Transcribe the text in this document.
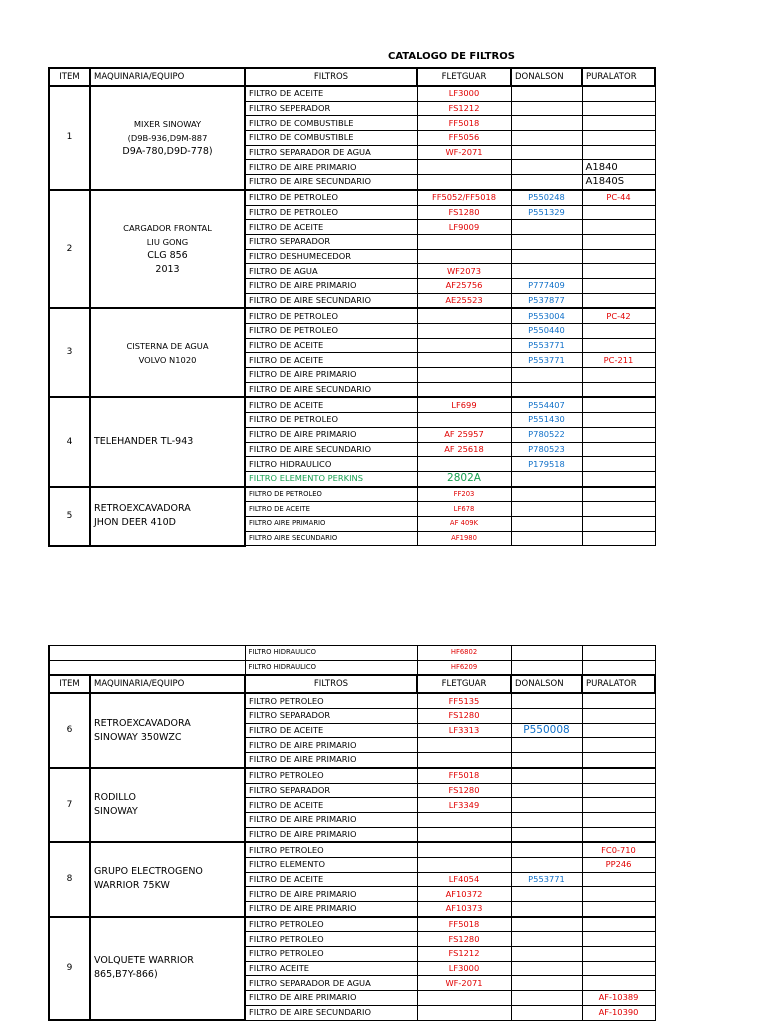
CATALOGO DE FILTROS
ITEM	MAQUINARIA/EQUIPO	FILTROS	FLETGUAR	DONALSON	PURALATOR
1	MIXER SINOWAY
(D9B-936,D9M-887
D9A-780,D9D-778)	FILTRO DE ACEITE	LF3000		
		FILTRO SEPERADOR	FS1212		
		FILTRO DE COMBUSTIBLE	FF5018		
		FILTRO DE COMBUSTIBLE	FF5056		
		FILTRO SEPARADOR DE AGUA	WF-2071		
		FILTRO DE AIRE PRIMARIO			A1840
		FILTRO DE AIRE SECUNDARIO			A1840S
2	CARGADOR FRONTAL
LIU GONG
CLG 856
2013	FILTRO DE PETROLEO	FF5052/FF5018	P550248	PC-44
		FILTRO DE PETROLEO	FS1280	P551329	
		FILTRO DE ACEITE	LF9009		
		FILTRO SEPARADOR			
		FILTRO DESHUMECEDOR			
		FILTRO DE AGUA	WF2073		
		FILTRO DE AIRE PRIMARIO	AF25756	P777409	
		FILTRO DE AIRE SECUNDARIO	AE25523	P537877	
3	CISTERNA DE AGUA
VOLVO N1020	FILTRO DE PETROLEO		P553004	PC-42
		FILTRO DE PETROLEO		P550440	
		FILTRO DE ACEITE		P553771	
		FILTRO DE ACEITE		P553771	PC-211
		FILTRO DE AIRE PRIMARIO			
		FILTRO DE AIRE SECUNDARIO			
4	TELEHANDER TL-943	FILTRO DE ACEITE	LF699	P554407	
		FILTRO DE PETROLEO		P551430	
		FILTRO DE AIRE PRIMARIO	AF 25957	P780522	
		FILTRO DE AIRE SECUNDARIO	AF 25618	P780523	
		FILTRO HIDRAULICO		P179518	
		FILTRO ELEMENTO PERKINS	2802A		
5	RETROEXCAVADORA
JHON DEER 410D	FILTRO DE PETROLEO	FF203		
		FILTRO DE ACEITE	LF678		
		FILTRO AIRE PRIMARIO	AF 409K		
		FILTRO AIRE SECUNDARIO	AF1980		
		FILTRO HIDRAULICO	HF6802		
		FILTRO HIDRAULICO	HF6209		
ITEM	MAQUINARIA/EQUIPO	FILTROS	FLETGUAR	DONALSON	PURALATOR
6	RETROEXCAVADORA
SINOWAY 350WZC	FILTRO PETROLEO	FF5135		
		FILTRO SEPARADOR	FS1280		
		FILTRO DE ACEITE	LF3313	P550008	
		FILTRO DE AIRE PRIMARIO			
		FILTRO DE AIRE PRIMARIO			
7	RODILLO
SINOWAY	FILTRO PETROLEO	FF5018		
		FILTRO SEPARADOR	FS1280		
		FILTRO DE ACEITE	LF3349		
		FILTRO DE AIRE PRIMARIO			
		FILTRO DE AIRE PRIMARIO			
8	GRUPO ELECTROGENO
WARRIOR 75KW	FILTRO PETROLEO			FC0-710
		FILTRO ELEMENTO			PP246
		FILTRO DE ACEITE	LF4054	P553771	
		FILTRO DE AIRE PRIMARIO	AF10372		
		FILTRO DE AIRE PRIMARIO	AF10373		
9	VOLQUETE WARRIOR
865,B7Y-866)	FILTRO PETROLEO	FF5018		
		FILTRO PETROLEO	FS1280		
		FILTRO PETROLEO	FS1212		
		FILTRO ACEITE	LF3000		
		FILTRO SEPARADOR DE AGUA	WF-2071		
		FILTRO DE AIRE PRIMARIO			AF-10389
		FILTRO DE AIRE SECUNDARIO			AF-10390
